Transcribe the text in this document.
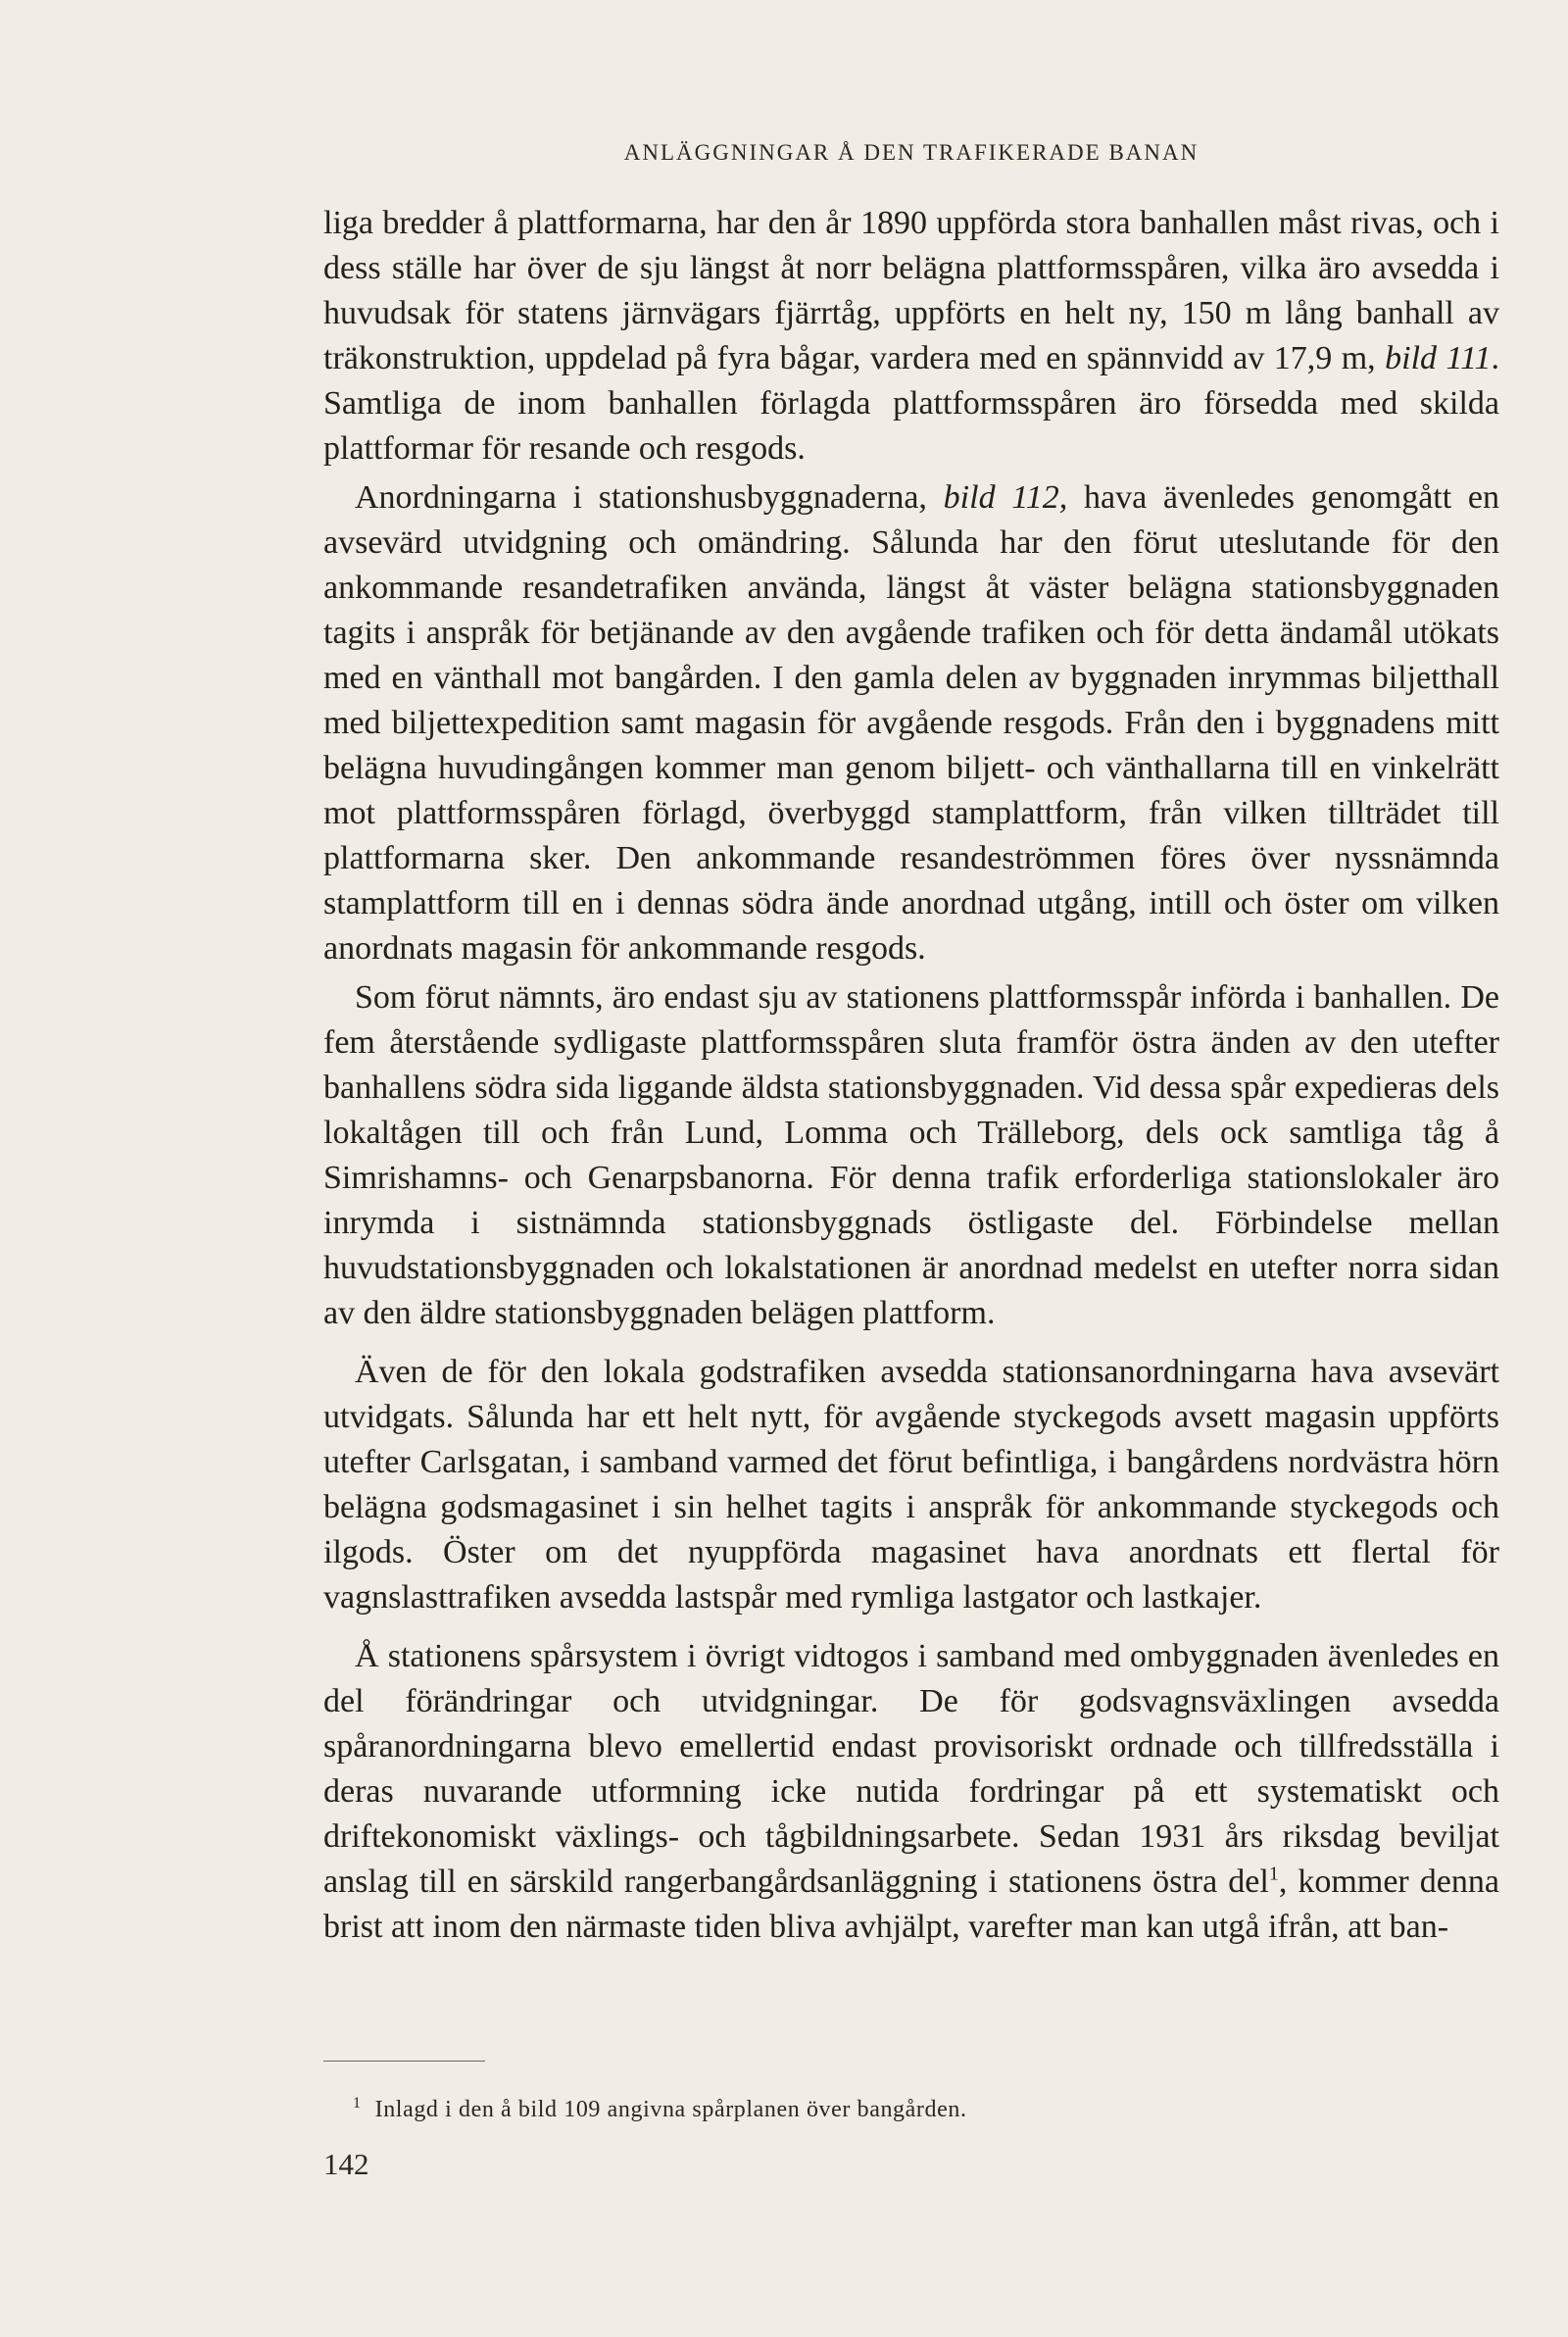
ANLÄGGNINGAR Å DEN TRAFIKERADE BANAN

liga bredder å plattformarna, har den år 1890 uppförda stora banhallen måst rivas, och i dess ställe har över de sju längst åt norr belägna plattformsspåren, vilka äro avsedda i huvudsak för statens järnvägars fjärrtåg, uppförts en helt ny, 150 m lång banhall av träkonstruktion, uppdelad på fyra bågar, vardera med en spännvidd av 17,9 m, bild 111. Samtliga de inom banhallen förlagda plattformsspåren äro försedda med skilda plattformar för resande och resgods.

Anordningarna i stationshusbyggnaderna, bild 112, hava ävenledes genomgått en avsevärd utvidgning och omändring. Sålunda har den förut uteslutande för den ankommande resandetrafiken använda, längst åt väster belägna stationsbyggnaden tagits i anspråk för betjänande av den avgående trafiken och för detta ändamål utökats med en vänthall mot bangården. I den gamla delen av byggnaden inrymmas biljetthall med biljettexpedition samt magasin för avgående resgods. Från den i byggnadens mitt belägna huvudingången kommer man genom biljett- och vänthallarna till en vinkelrätt mot plattformsspåren förlagd, överbyggd stamplattform, från vilken tillträdet till plattformarna sker. Den ankommande resandeströmmen föres över nyssnämnda stamplattform till en i dennas södra ände anordnad utgång, intill och öster om vilken anordnats magasin för ankommande resgods.

Som förut nämnts, äro endast sju av stationens plattformsspår införda i banhallen. De fem återstående sydligaste plattformsspåren sluta framför östra änden av den utefter banhallens södra sida liggande äldsta stationsbyggnaden. Vid dessa spår expedieras dels lokaltågen till och från Lund, Lomma och Trälleborg, dels ock samtliga tåg å Simrishamns- och Genarpsbanorna. För denna trafik erforderliga stationslokaler äro inrymda i sistnämnda stationsbyggnads östligaste del. Förbindelse mellan huvudstationsbyggnaden och lokalstationen är anordnad medelst en utefter norra sidan av den äldre stationsbyggnaden belägen plattform.

Även de för den lokala godstrafiken avsedda stationsanordningarna hava avsevärt utvidgats. Sålunda har ett helt nytt, för avgående styckegods avsett magasin uppförts utefter Carlsgatan, i samband varmed det förut befintliga, i bangårdens nordvästra hörn belägna godsmagasinet i sin helhet tagits i anspråk för ankommande styckegods och ilgods. Öster om det nyuppförda magasinet hava anordnats ett flertal för vagnslasttrafiken avsedda lastspår med rymliga lastgator och lastkajer.

Å stationens spårsystem i övrigt vidtogos i samband med ombyggnaden ävenledes en del förändringar och utvidgningar. De för godsvagnsväxlingen avsedda spåranordningarna blevo emellertid endast provisoriskt ordnade och tillfredsställa i deras nuvarande utformning icke nutida fordringar på ett systematiskt och driftekonomiskt växlings- och tågbildningsarbete. Sedan 1931 års riksdag beviljat anslag till en särskild rangerbangårdsanläggning i stationens östra del$^1$, kommer denna brist att inom den närmaste tiden bliva avhjälpt, varefter man kan utgå ifrån, att ban-

$^1$ Inlagd i den å bild 109 angivna spårplanen över bangården.
142
